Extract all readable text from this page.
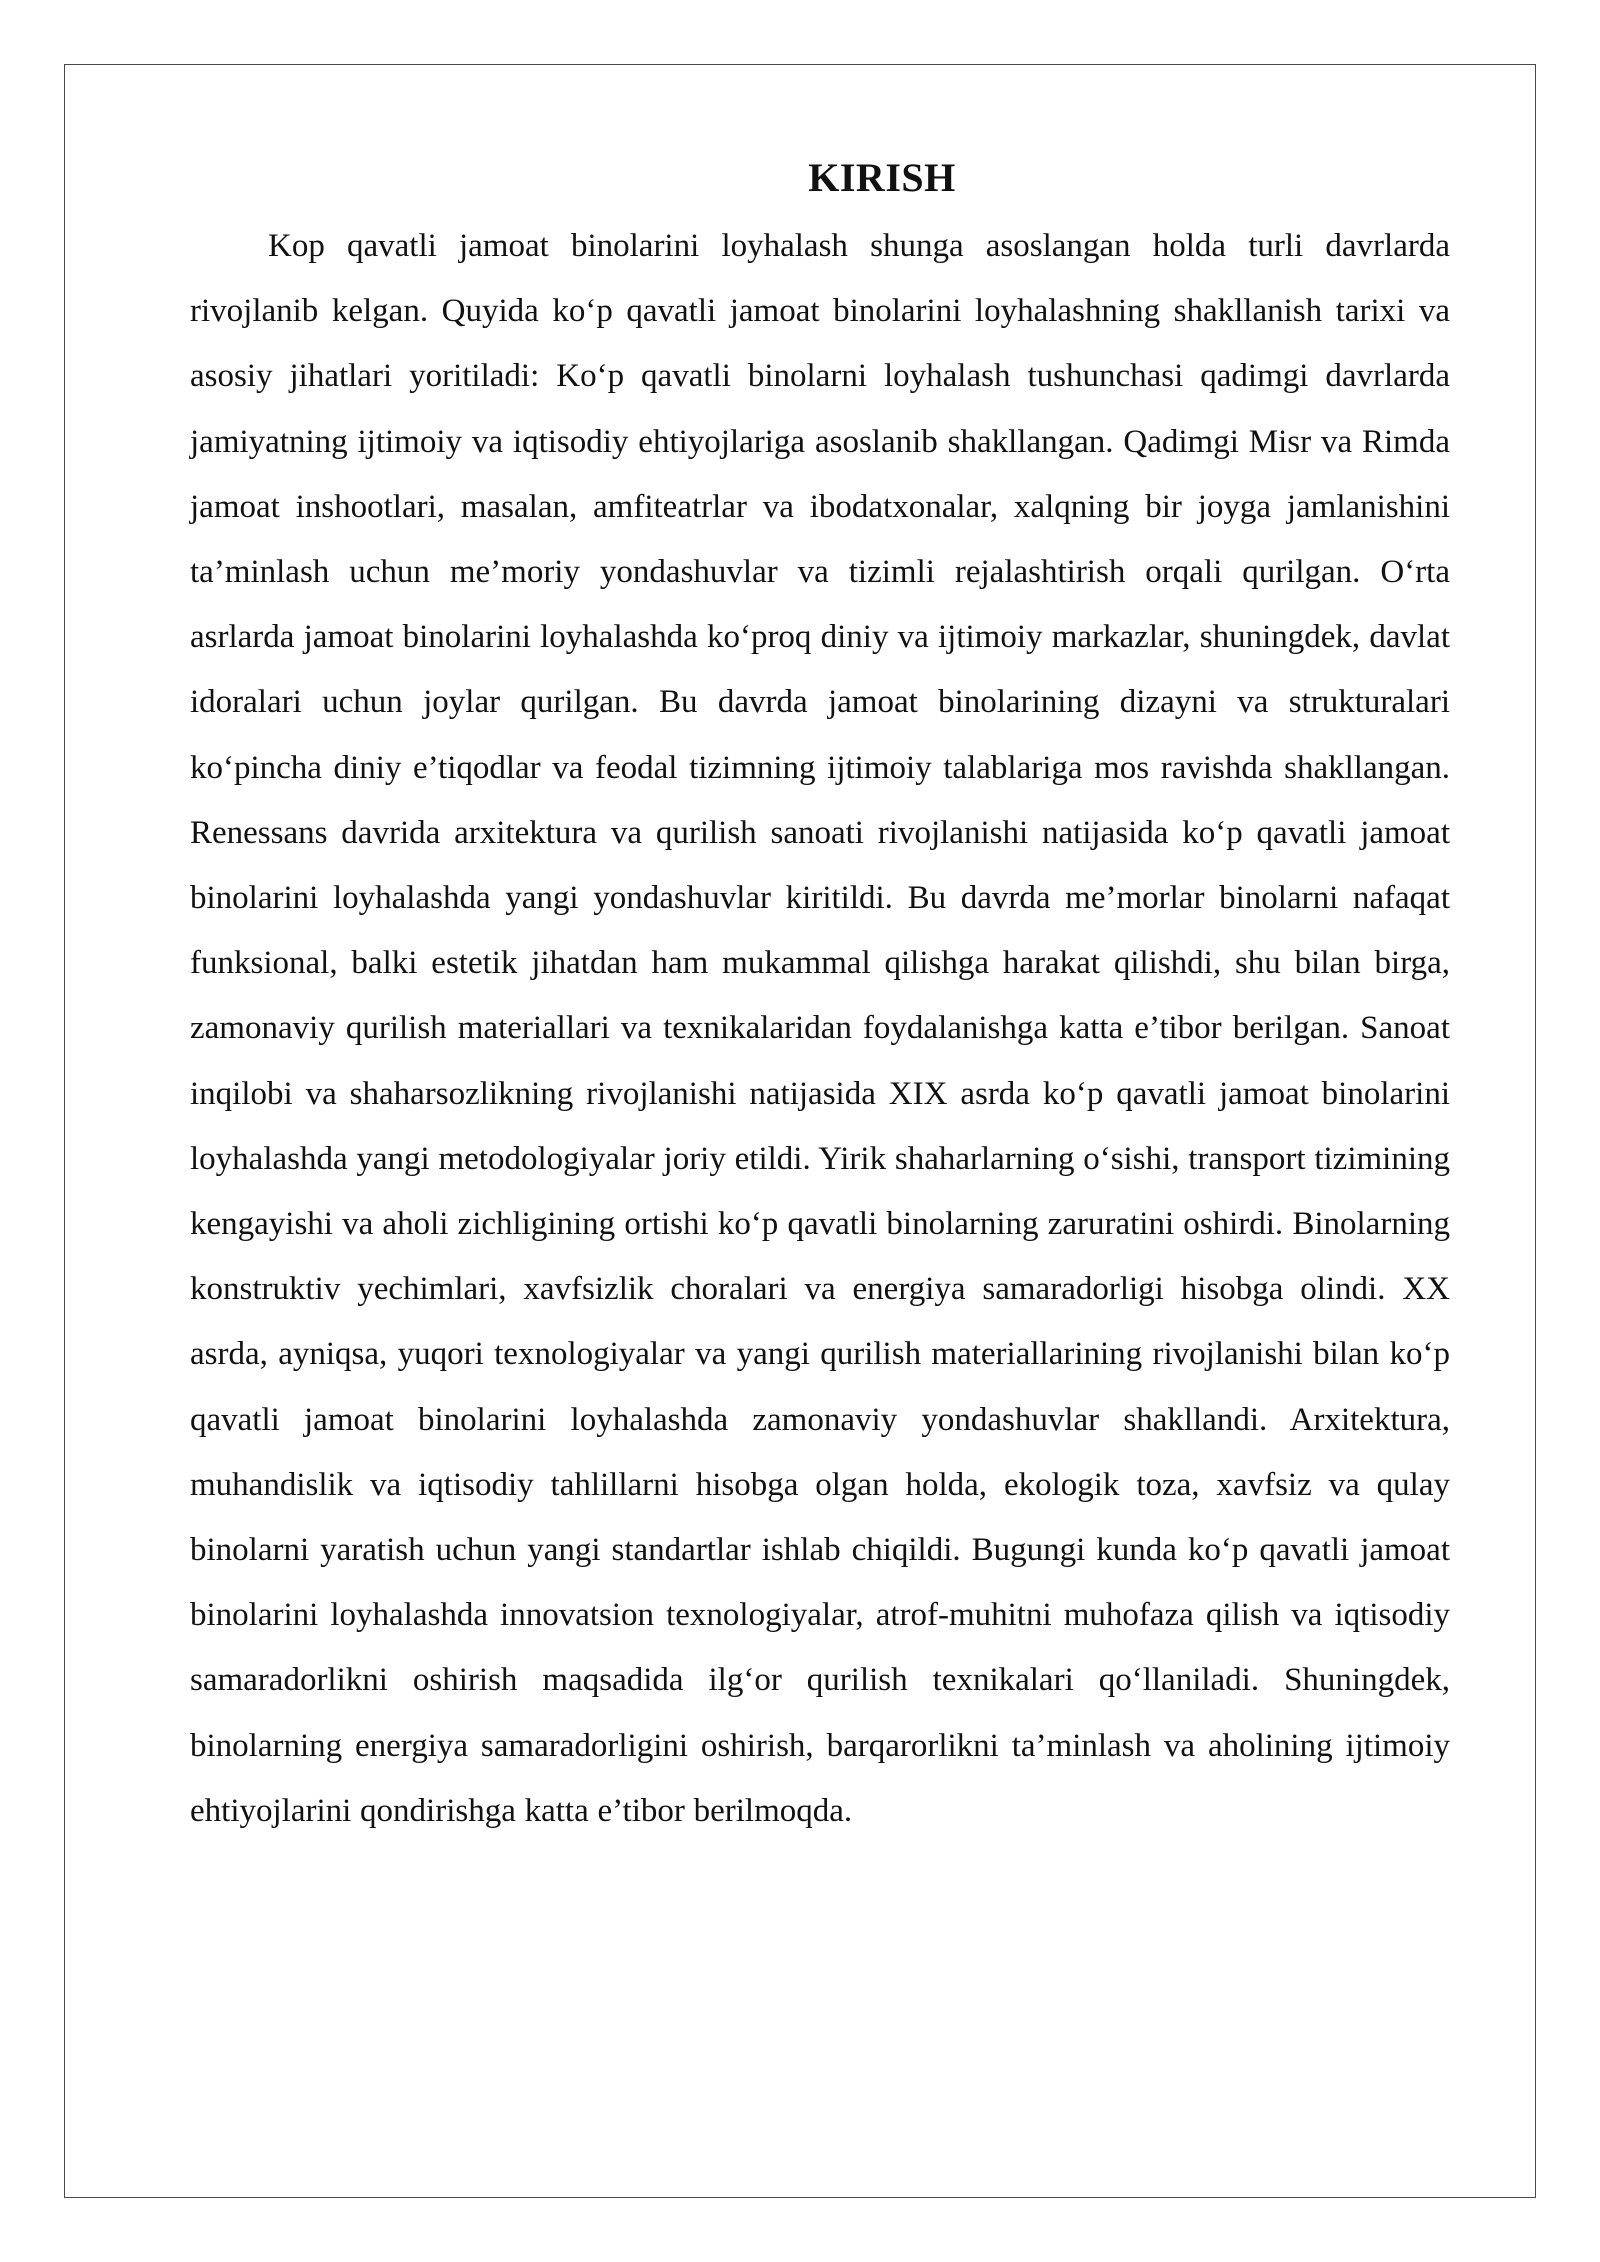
KIRISH

Kop qavatli jamoat binolarini loyhalash shunga asoslangan holda turli davrlarda rivojlanib kelgan. Quyida koʻp qavatli jamoat binolarini loyhalashning shakllanish tarixi va asosiy jihatlari yoritiladi: Koʻp qavatli binolarni loyhalash tushunchasi qadimgi davrlarda jamiyatning ijtimoiy va iqtisodiy ehtiyojlariga asoslanib shakllangan. Qadimgi Misr va Rimda jamoat inshootlari, masalan, amfiteatrlar va ibodatxonalar, xalqning bir joyga jamlanishini ta’minlash uchun me’moriy yondashuvlar va tizimli rejalashtirish orqali qurilgan. Oʻrta asrlarda jamoat binolarini loyhalashda koʻproq diniy va ijtimoiy markazlar, shuningdek, davlat idoralari uchun joylar qurilgan. Bu davrda jamoat binolarining dizayni va strukturalari koʻpincha diniy e’tiqodlar va feodal tizimning ijtimoiy talablariga mos ravishda shakllangan. Renessans davrida arxitektura va qurilish sanoati rivojlanishi natijasida koʻp qavatli jamoat binolarini loyhalashda yangi yondashuvlar kiritildi. Bu davrda me’morlar binolarni nafaqat funksional, balki estetik jihatdan ham mukammal qilishga harakat qilishdi, shu bilan birga, zamonaviy qurilish materiallari va texnikalaridan foydalanishga katta e’tibor berilgan. Sanoat inqilobi va shaharsozlikning rivojlanishi natijasida XIX asrda koʻp qavatli jamoat binolarini loyhalashda yangi metodologiyalar joriy etildi. Yirik shaharlarning oʻsishi, transport tizimining kengayishi va aholi zichligining ortishi koʻp qavatli binolarning zaruratini oshirdi. Binolarning konstruktiv yechimlari, xavfsizlik choralari va energiya samaradorligi hisobga olindi. XX asrda, ayniqsa, yuqori texnologiyalar va yangi qurilish materiallarining rivojlanishi bilan koʻp qavatli jamoat binolarini loyhalashda zamonaviy yondashuvlar shakllandi. Arxitektura, muhandislik va iqtisodiy tahlillarni hisobga olgan holda, ekologik toza, xavfsiz va qulay binolarni yaratish uchun yangi standartlar ishlab chiqildi. Bugungi kunda koʻp qavatli jamoat binolarini loyhalashda innovatsion texnologiyalar, atrof-muhitni muhofaza qilish va iqtisodiy samaradorlikni oshirish maqsadida ilgʻor qurilish texnikalari qoʻllaniladi. Shuningdek, binolarning energiya samaradorligini oshirish, barqarorlikni ta’minlash va aholining ijtimoiy ehtiyojlarini qondirishga katta e’tibor berilmoqda.
